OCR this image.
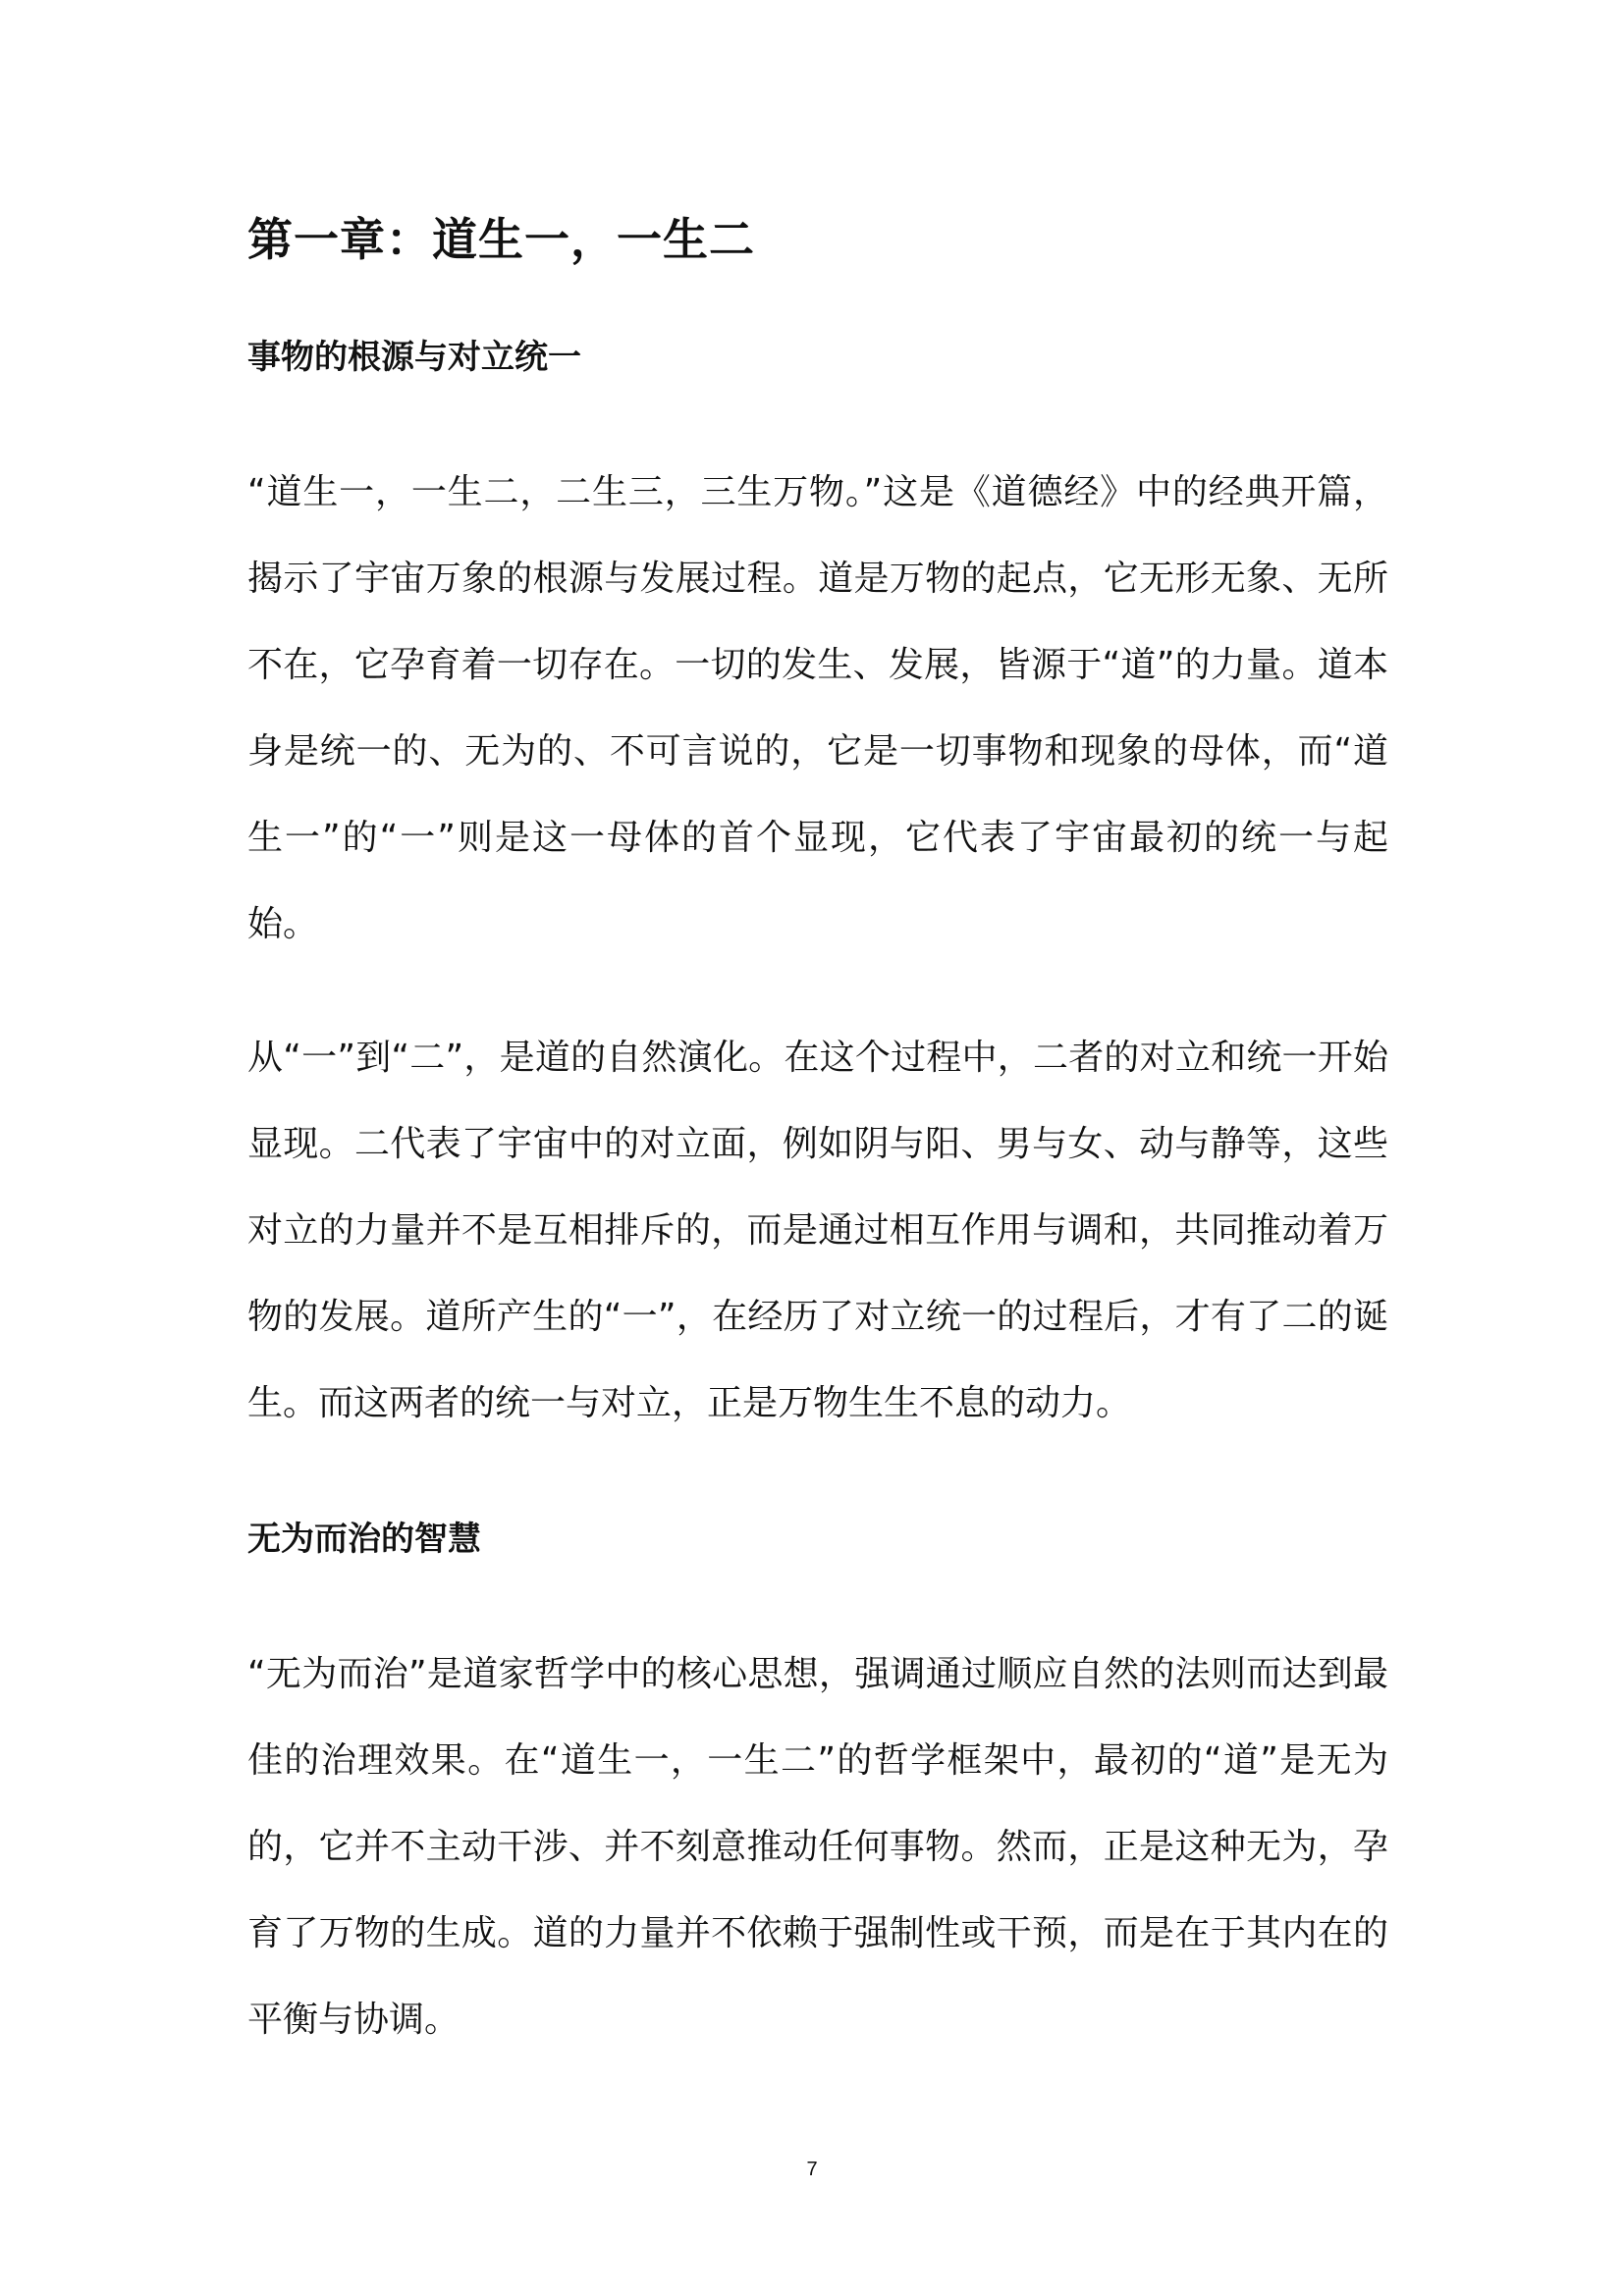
第一章：道生一，一生二
事物的根源与对立统一

“道生一，一生二，二生三，三生万物。”这是《道德经》中的经典开篇，揭示了宇宙万象的根源与发展过程。道是万物的起点，它无形无象、无所不在，它孕育着一切存在。一切的发生、发展，皆源于“道”的力量。道本身是统一的、无为的、不可言说的，它是一切事物和现象的母体，而“道生一”的“一”则是这一母体的首个显现，它代表了宇宙最初的统一与起始。

从“一”到“二”，是道的自然演化。在这个过程中，二者的对立和统一开始显现。二代表了宇宙中的对立面，例如阴与阳、男与女、动与静等，这些对立的力量并不是互相排斥的，而是通过相互作用与调和，共同推动着万物的发展。道所产生的“一”，在经历了对立统一的过程后，才有了二的诞生。而这两者的统一与对立，正是万物生生不息的动力。

无为而治的智慧

“无为而治”是道家哲学中的核心思想，强调通过顺应自然的法则而达到最佳的治理效果。在“道生一，一生二”的哲学框架中，最初的“道”是无为的，它并不主动干涉、并不刻意推动任何事物。然而，正是这种无为，孕育了万物的生成。道的力量并不依赖于强制性或干预，而是在于其内在的平衡与协调。

7
